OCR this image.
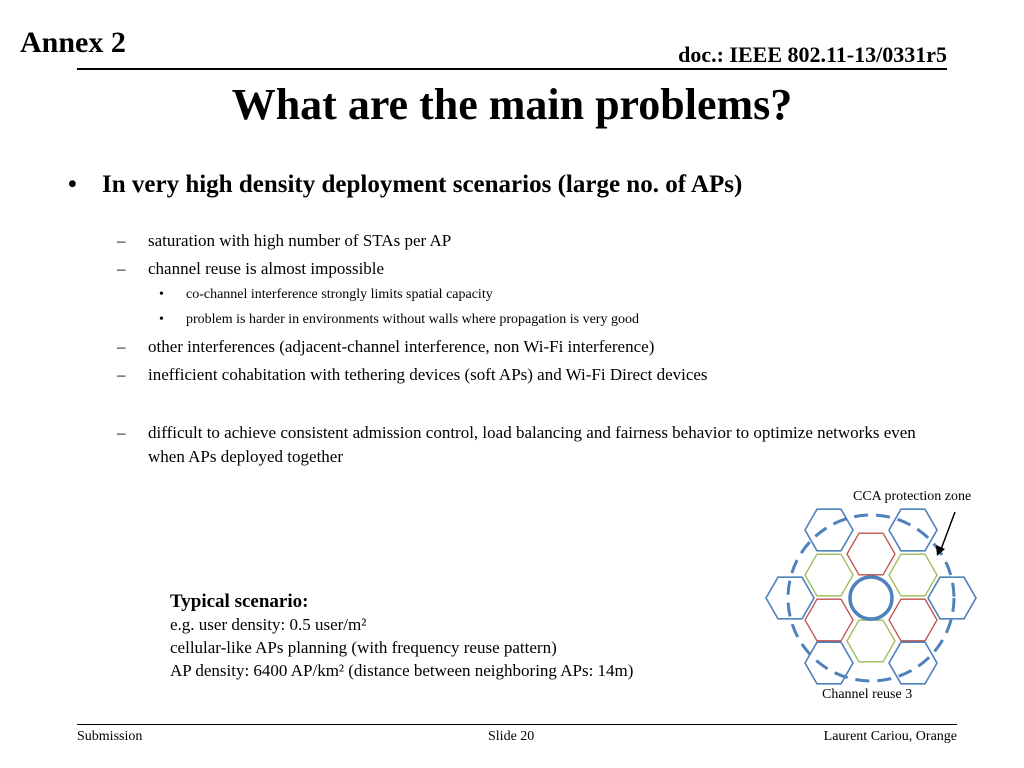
Annex 2	doc.: IEEE 802.11-13/0331r5
What are the main problems?
• In very high density deployment scenarios (large no. of APs)
–	saturation with high number of STAs per AP
–	channel reuse is almost impossible
•	co-channel interference strongly limits spatial capacity
•	problem is harder in environments without walls where propagation is very good
–	other interferences (adjacent-channel interference, non Wi-Fi interference)
–	inefficient cohabitation with tethering devices (soft APs) and Wi-Fi Direct devices
–	difficult to achieve consistent admission control, load balancing and fairness behavior to optimize networks even when APs deployed together
Typical scenario:
e.g. user density: 0.5 user/m²
cellular-like APs planning (with frequency reuse pattern)
AP density: 6400 AP/km² (distance between neighboring APs: 14m)
CCA protection zone
Channel reuse 3
Submission	Slide 20	Laurent Cariou, Orange
